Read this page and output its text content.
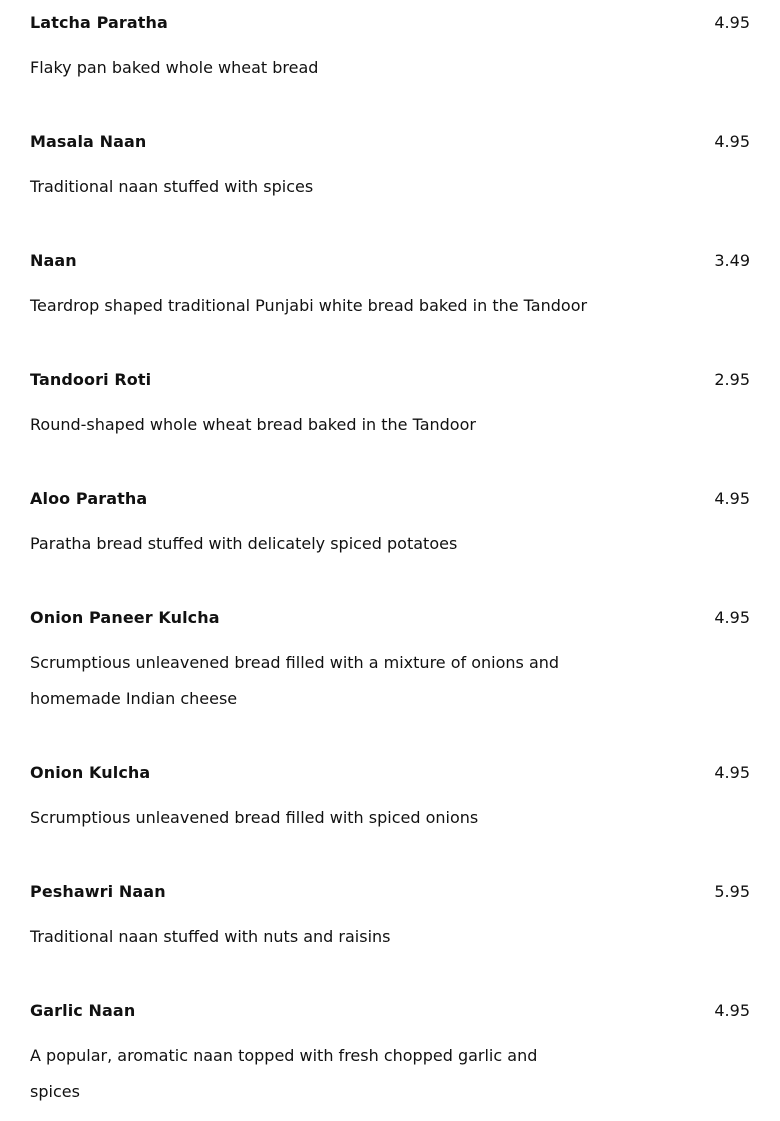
Latcha Paratha	4.95
Flaky pan baked whole wheat bread
Masala Naan	4.95
Traditional naan stuffed with spices
Naan	3.49
Teardrop shaped traditional Punjabi white bread baked in the Tandoor
Tandoori Roti	2.95
Round-shaped whole wheat bread baked in the Tandoor
Aloo Paratha	4.95
Paratha bread stuffed with delicately spiced potatoes
Onion Paneer Kulcha	4.95
Scrumptious unleavened bread filled with a mixture of onions and homemade Indian cheese
Onion Kulcha	4.95
Scrumptious unleavened bread filled with spiced onions
Peshawri Naan	5.95
Traditional naan stuffed with nuts and raisins
Garlic Naan	4.95
A popular, aromatic naan topped with fresh chopped garlic and spices
